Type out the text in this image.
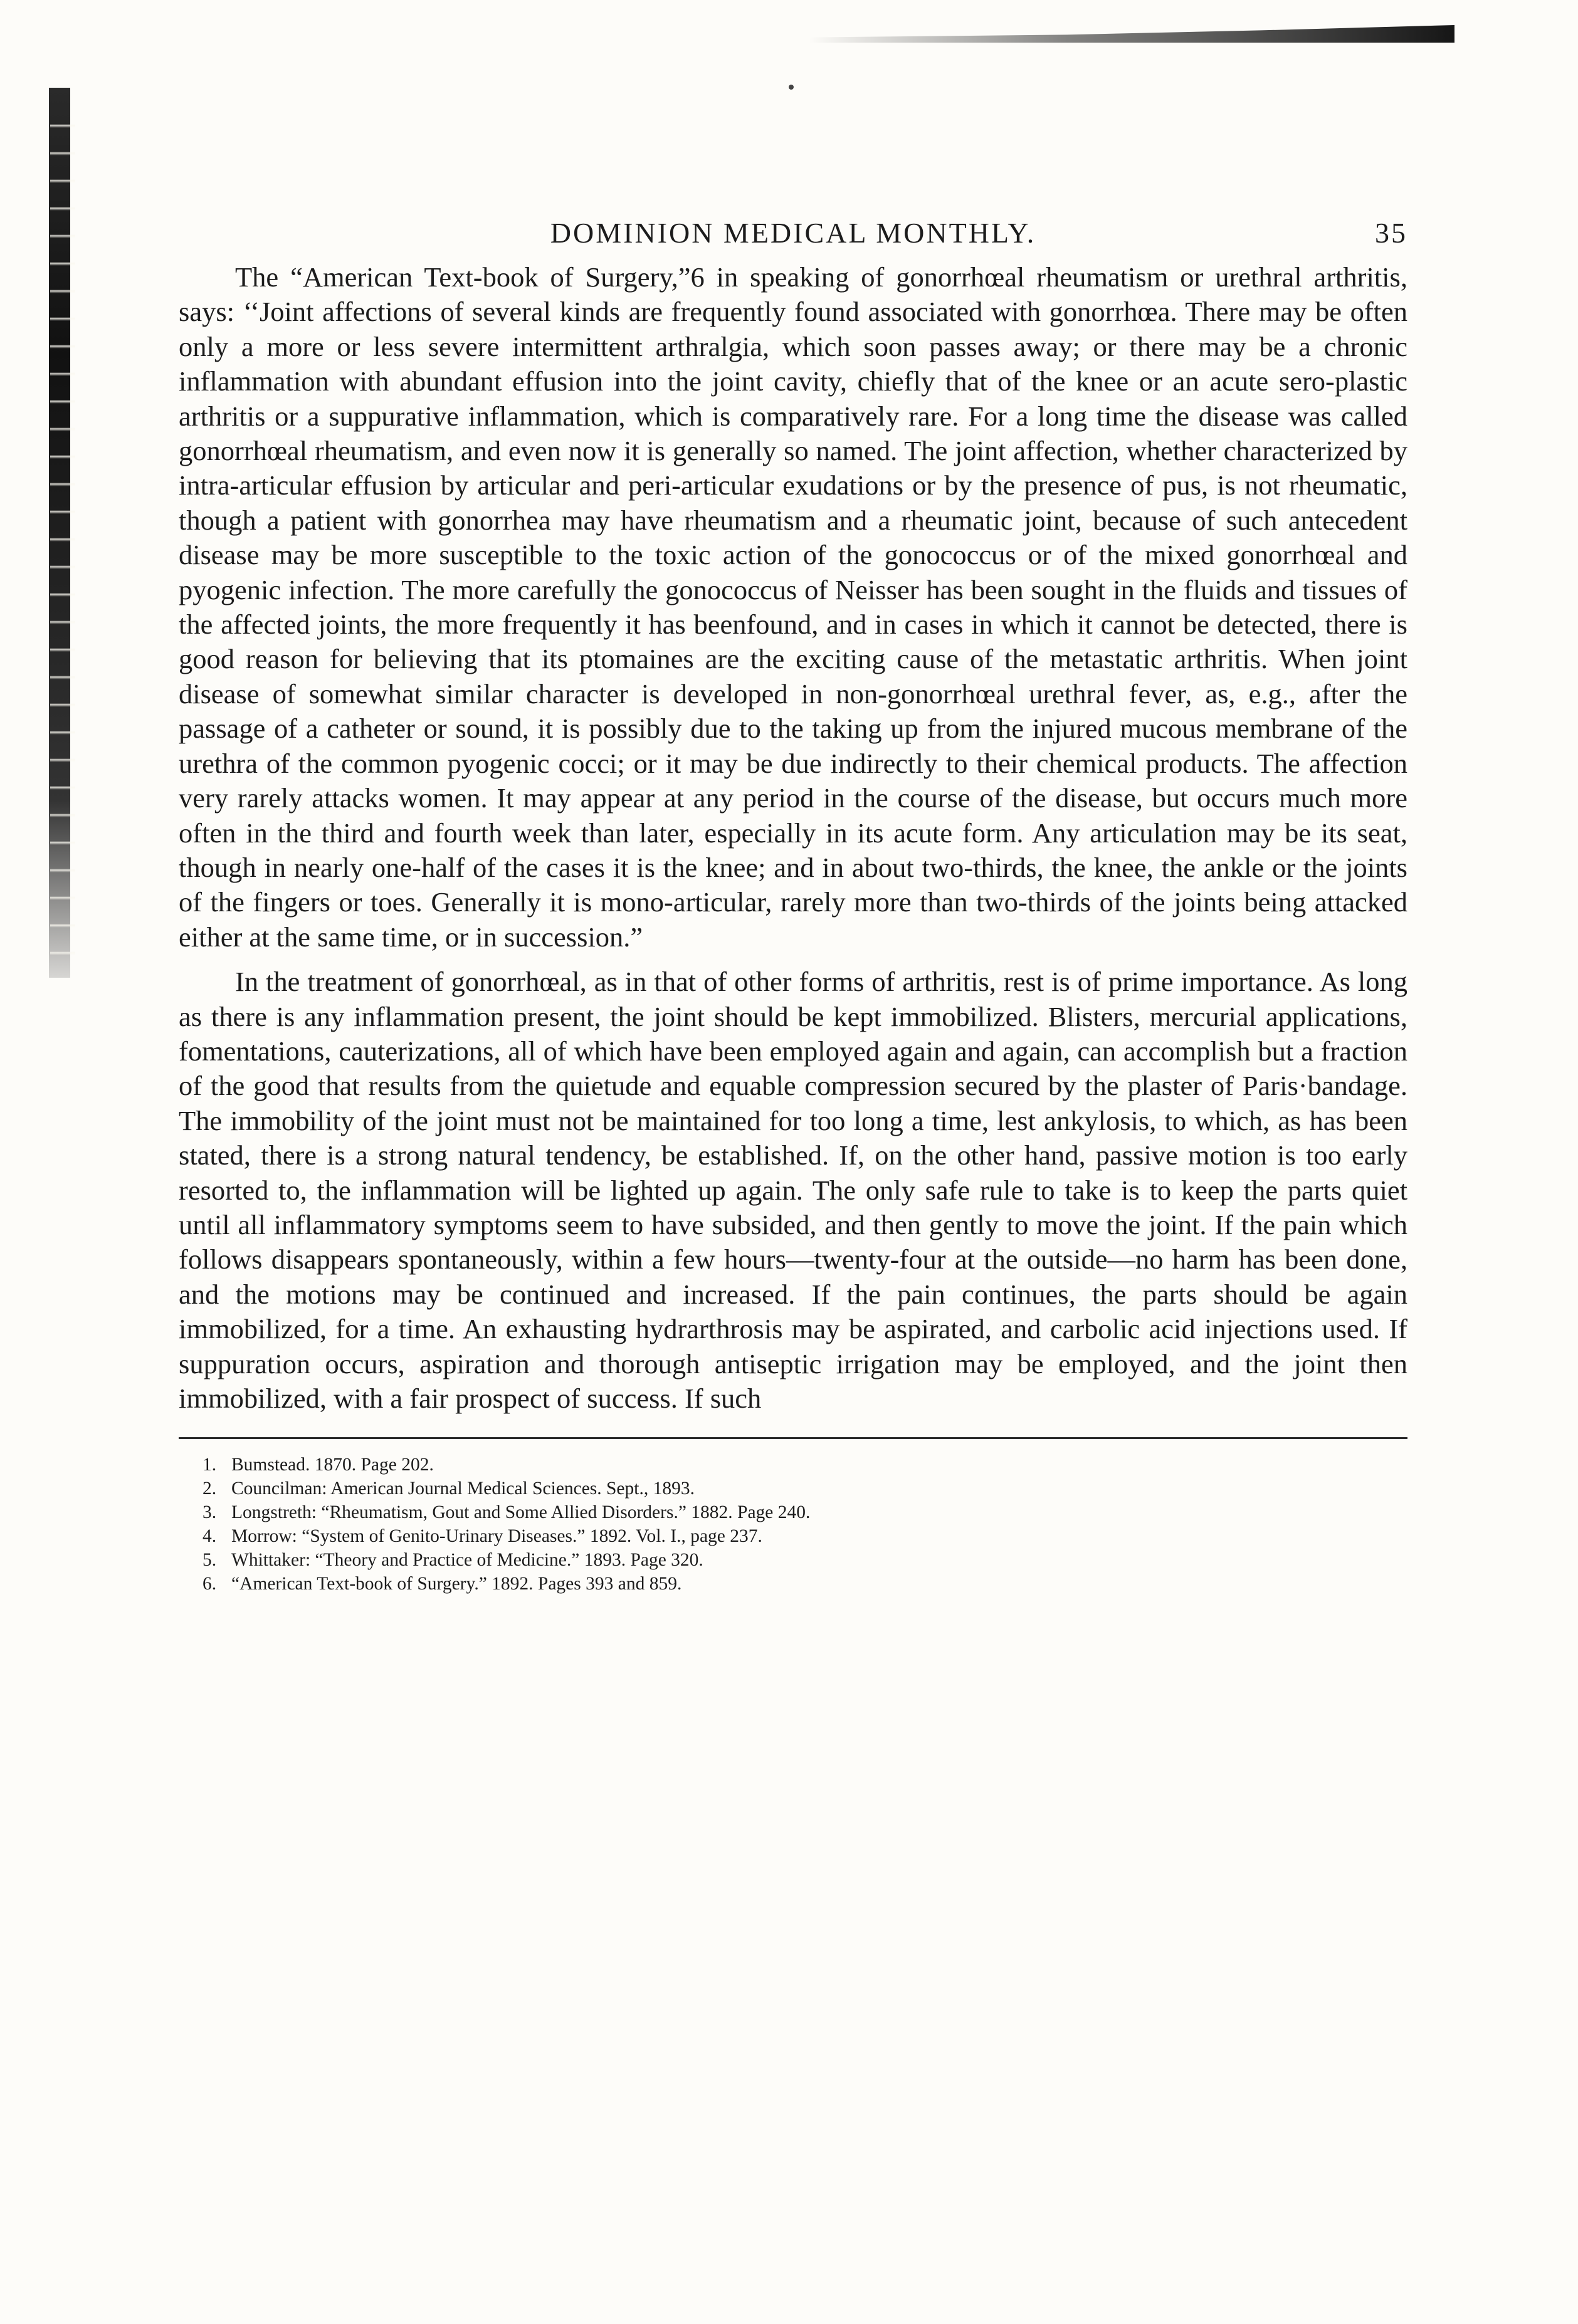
DOMINION MEDICAL MONTHLY.	35

The “American Text-book of Surgery,”6 in speaking of gonorrhœal rheumatism or urethral arthritis, says: ‘‘Joint affections of several kinds are frequently found associated with gonorrhœa. There may be often only a more or less severe intermittent arthralgia, which soon passes away; or there may be a chronic inflammation with abundant effusion into the joint cavity, chiefly that of the knee or an acute sero-plastic arthritis or a suppurative inflammation, which is comparatively rare. For a long time the disease was called gonorrhœal rheumatism, and even now it is generally so named. The joint affection, whether characterized by intra-articular effusion by articular and peri-articular exudations or by the presence of pus, is not rheumatic, though a patient with gonorrhea may have rheumatism and a rheumatic joint, because of such antecedent disease may be more susceptible to the toxic action of the gonococcus or of the mixed gonorrhœal and pyogenic infection. The more carefully the gonococcus of Neisser has been sought in the fluids and tissues of the affected joints, the more frequently it has beenfound, and in cases in which it cannot be detected, there is good reason for believing that its ptomaines are the exciting cause of the metastatic arthritis. When joint disease of somewhat similar character is developed in non-gonorrhœal urethral fever, as, e.g., after the passage of a catheter or sound, it is possibly due to the taking up from the injured mucous membrane of the urethra of the common pyogenic cocci; or it may be due indirectly to their chemical products. The affection very rarely attacks women. It may appear at any period in the course of the disease, but occurs much more often in the third and fourth week than later, especially in its acute form. Any articulation may be its seat, though in nearly one-half of the cases it is the knee; and in about two-thirds, the knee, the ankle or the joints of the fingers or toes. Generally it is mono-articular, rarely more than two-thirds of the joints being attacked either at the same time, or in succession.”

In the treatment of gonorrhœal, as in that of other forms of arthritis, rest is of prime importance. As long as there is any inflammation present, the joint should be kept immobilized. Blisters, mercurial applications, fomentations, cauterizations, all of which have been employed again and again, can accomplish but a fraction of the good that results from the quietude and equable compression secured by the plaster of Paris·bandage. The immobility of the joint must not be maintained for too long a time, lest ankylosis, to which, as has been stated, there is a strong natural tendency, be established. If, on the other hand, passive motion is too early resorted to, the inflammation will be lighted up again. The only safe rule to take is to keep the parts quiet until all inflammatory symptoms seem to have subsided, and then gently to move the joint. If the pain which follows disappears spontaneously, within a few hours—twenty-four at the outside—no harm has been done, and the motions may be continued and increased. If the pain continues, the parts should be again immobilized, for a time. An exhausting hydrarthrosis may be aspirated, and carbolic acid injections used. If suppuration occurs, aspiration and thorough antiseptic irrigation may be employed, and the joint then immobilized, with a fair prospect of success. If such

1. Bumstead. 1870. Page 202.
2. Councilman: American Journal Medical Sciences. Sept., 1893.
3. Longstreth: “Rheumatism, Gout and Some Allied Disorders.” 1882. Page 240.
4. Morrow: “System of Genito-Urinary Diseases.” 1892. Vol. I., page 237.
5. Whittaker: “Theory and Practice of Medicine.” 1893. Page 320.
6. “American Text-book of Surgery.” 1892. Pages 393 and 859.
